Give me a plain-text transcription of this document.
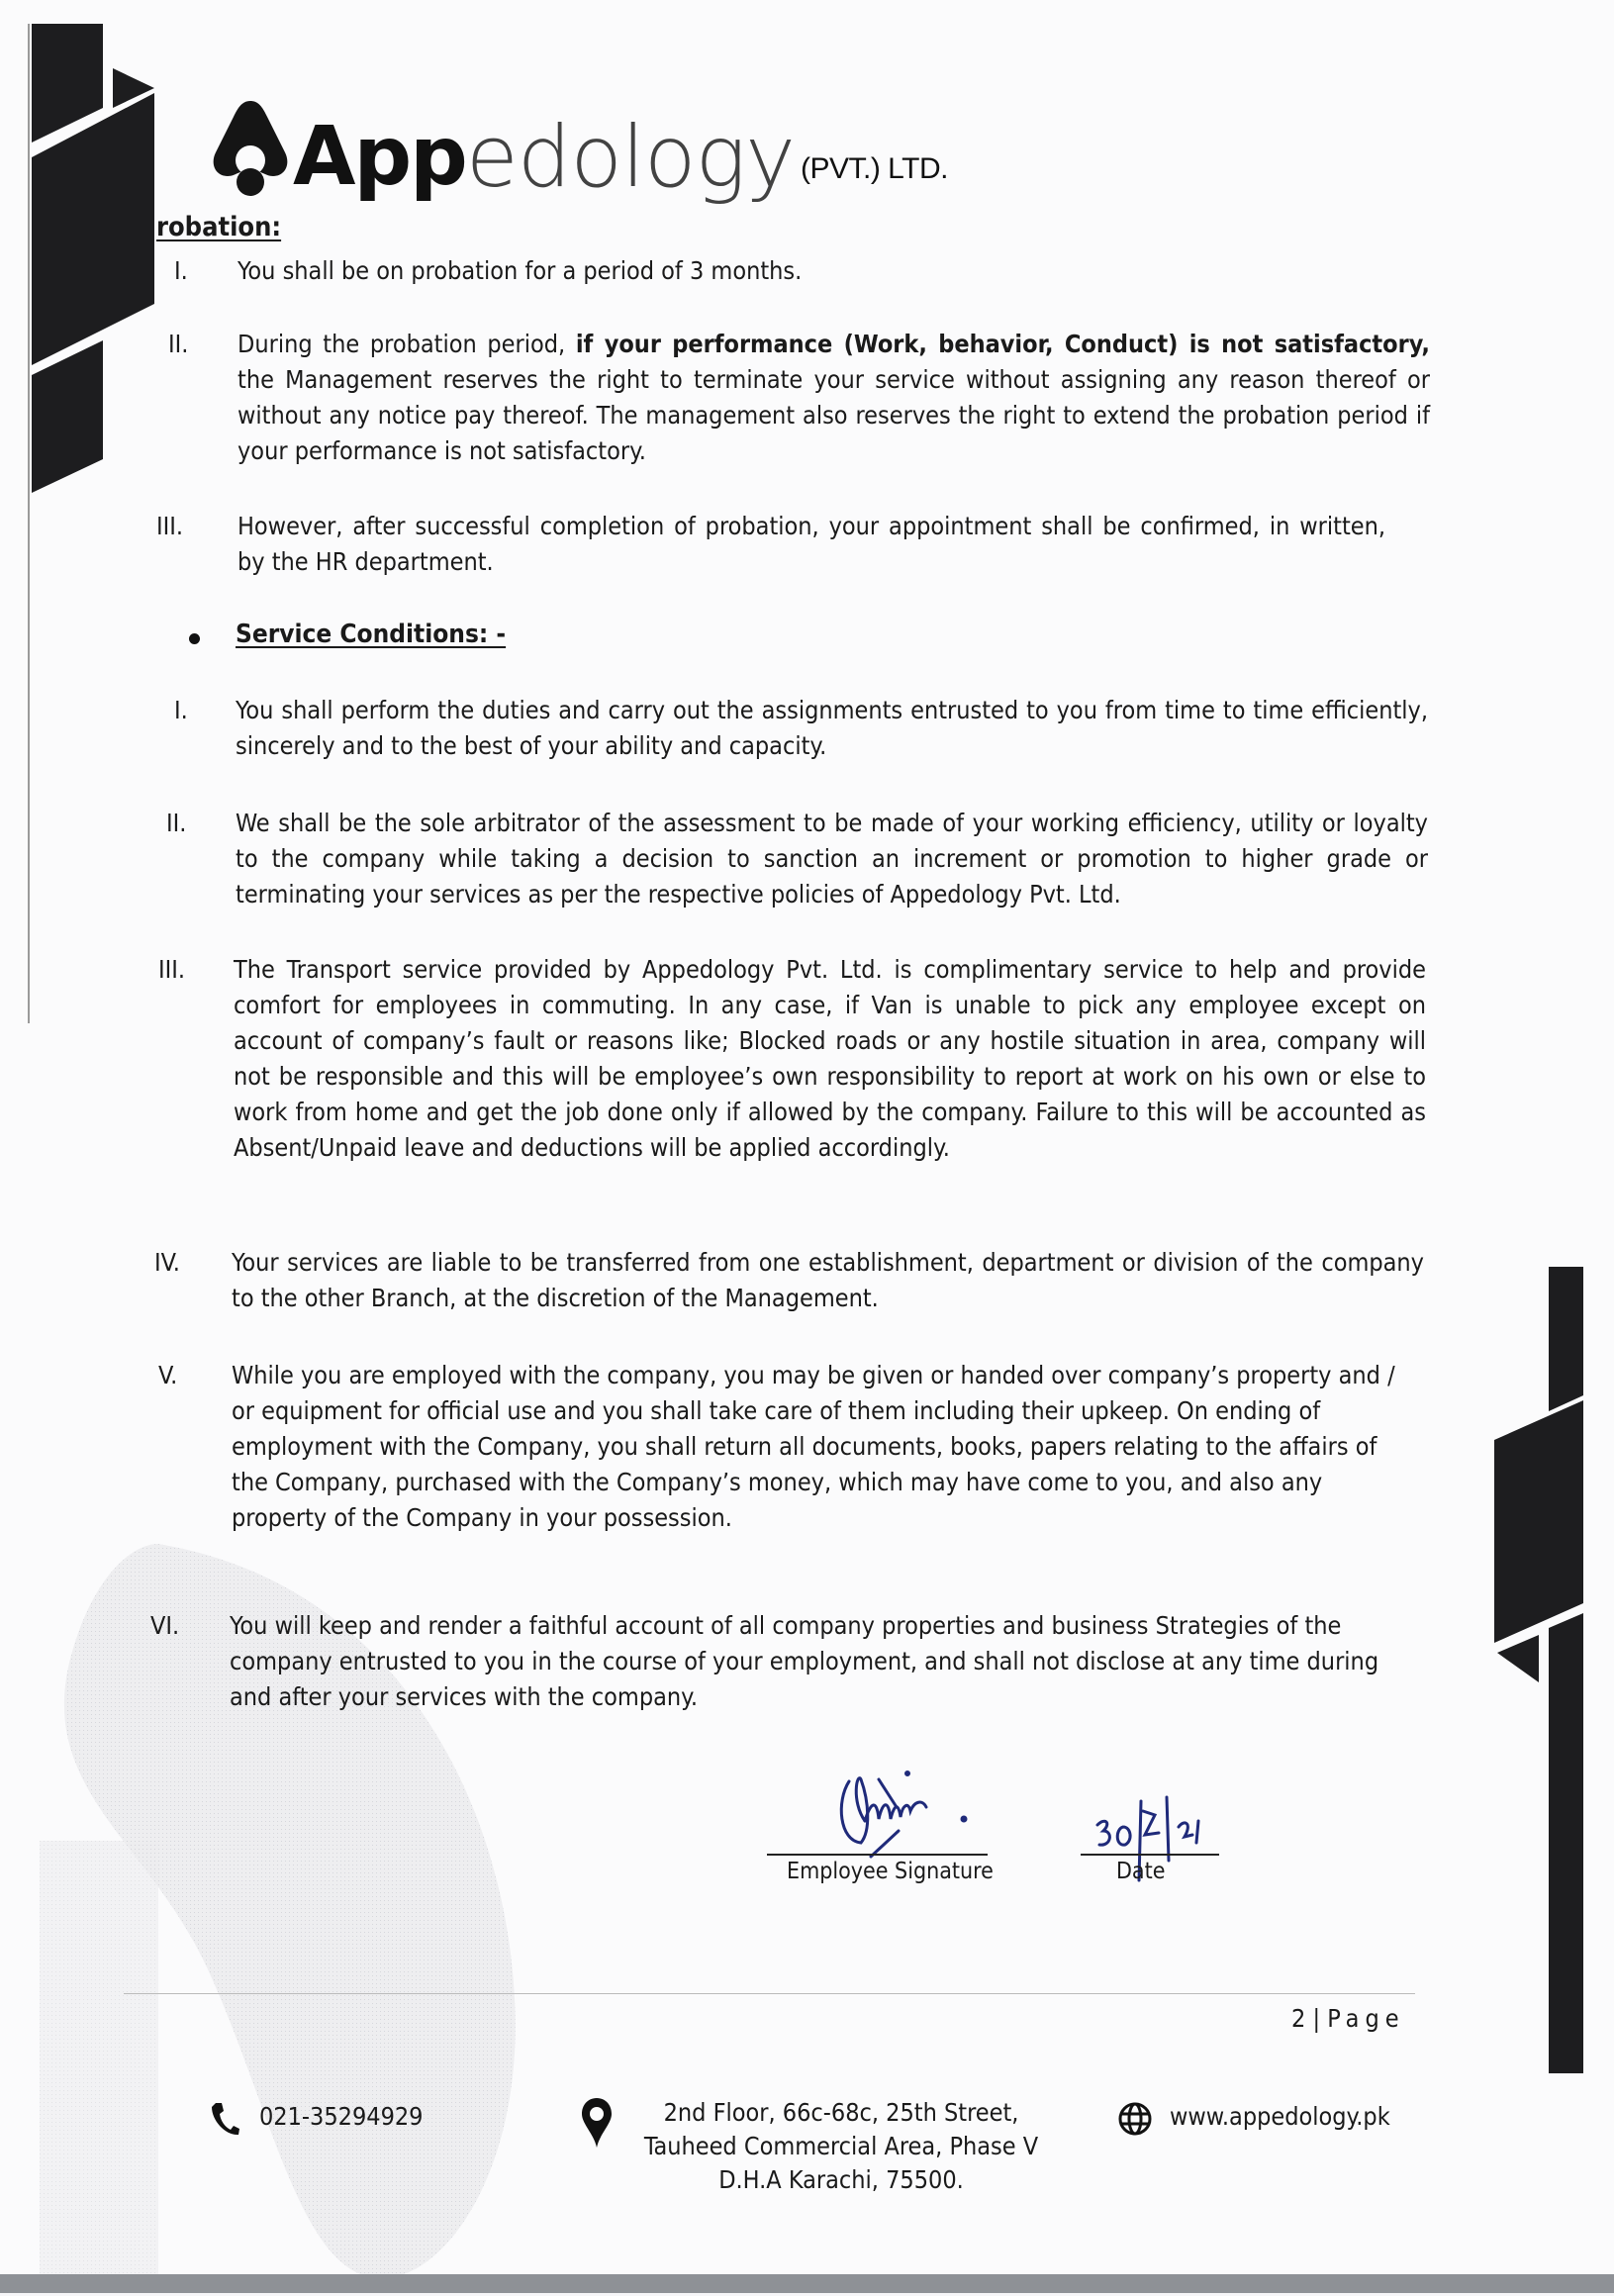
App edology (PVT.) LTD.
robation:
I. You shall be on probation for a period of 3 months.
II. During the probation period, if your performance (Work, behavior, Conduct) is not satisfactory, the Management reserves the right to terminate your service without assigning any reason thereof or without any notice pay thereof. The management also reserves the right to extend the probation period if your performance is not satisfactory.
III. However, after successful completion of probation, your appointment shall be confirmed, in written, by the HR department.
Service Conditions: -
I. You shall perform the duties and carry out the assignments entrusted to you from time to time efficiently, sincerely and to the best of your ability and capacity.
II. We shall be the sole arbitrator of the assessment to be made of your working efficiency, utility or loyalty to the company while taking a decision to sanction an increment or promotion to higher grade or terminating your services as per the respective policies of Appedology Pvt. Ltd.
III. The Transport service provided by Appedology Pvt. Ltd. is complimentary service to help and provide comfort for employees in commuting. In any case, if Van is unable to pick any employee except on account of company’s fault or reasons like; Blocked roads or any hostile situation in area, company will not be responsible and this will be employee’s own responsibility to report at work on his own or else to work from home and get the job done only if allowed by the company. Failure to this will be accounted as Absent/Unpaid leave and deductions will be applied accordingly.
IV. Your services are liable to be transferred from one establishment, department or division of the company to the other Branch, at the discretion of the Management.
V. While you are employed with the company, you may be given or handed over company’s property and / or equipment for official use and you shall take care of them including their upkeep. On ending of employment with the Company, you shall return all documents, books, papers relating to the affairs of the Company, purchased with the Company’s money, which may have come to you, and also any property of the Company in your possession.
VI. You will keep and render a faithful account of all company properties and business Strategies of the company entrusted to you in the course of your employment, and shall not disclose at any time during and after your services with the company.
Employee Signature	Date
2 | Page
021-35294929	2nd Floor, 66c-68c, 25th Street,
Tauheed Commercial Area, Phase V
D.H.A Karachi, 75500.
www.appedology.pk
